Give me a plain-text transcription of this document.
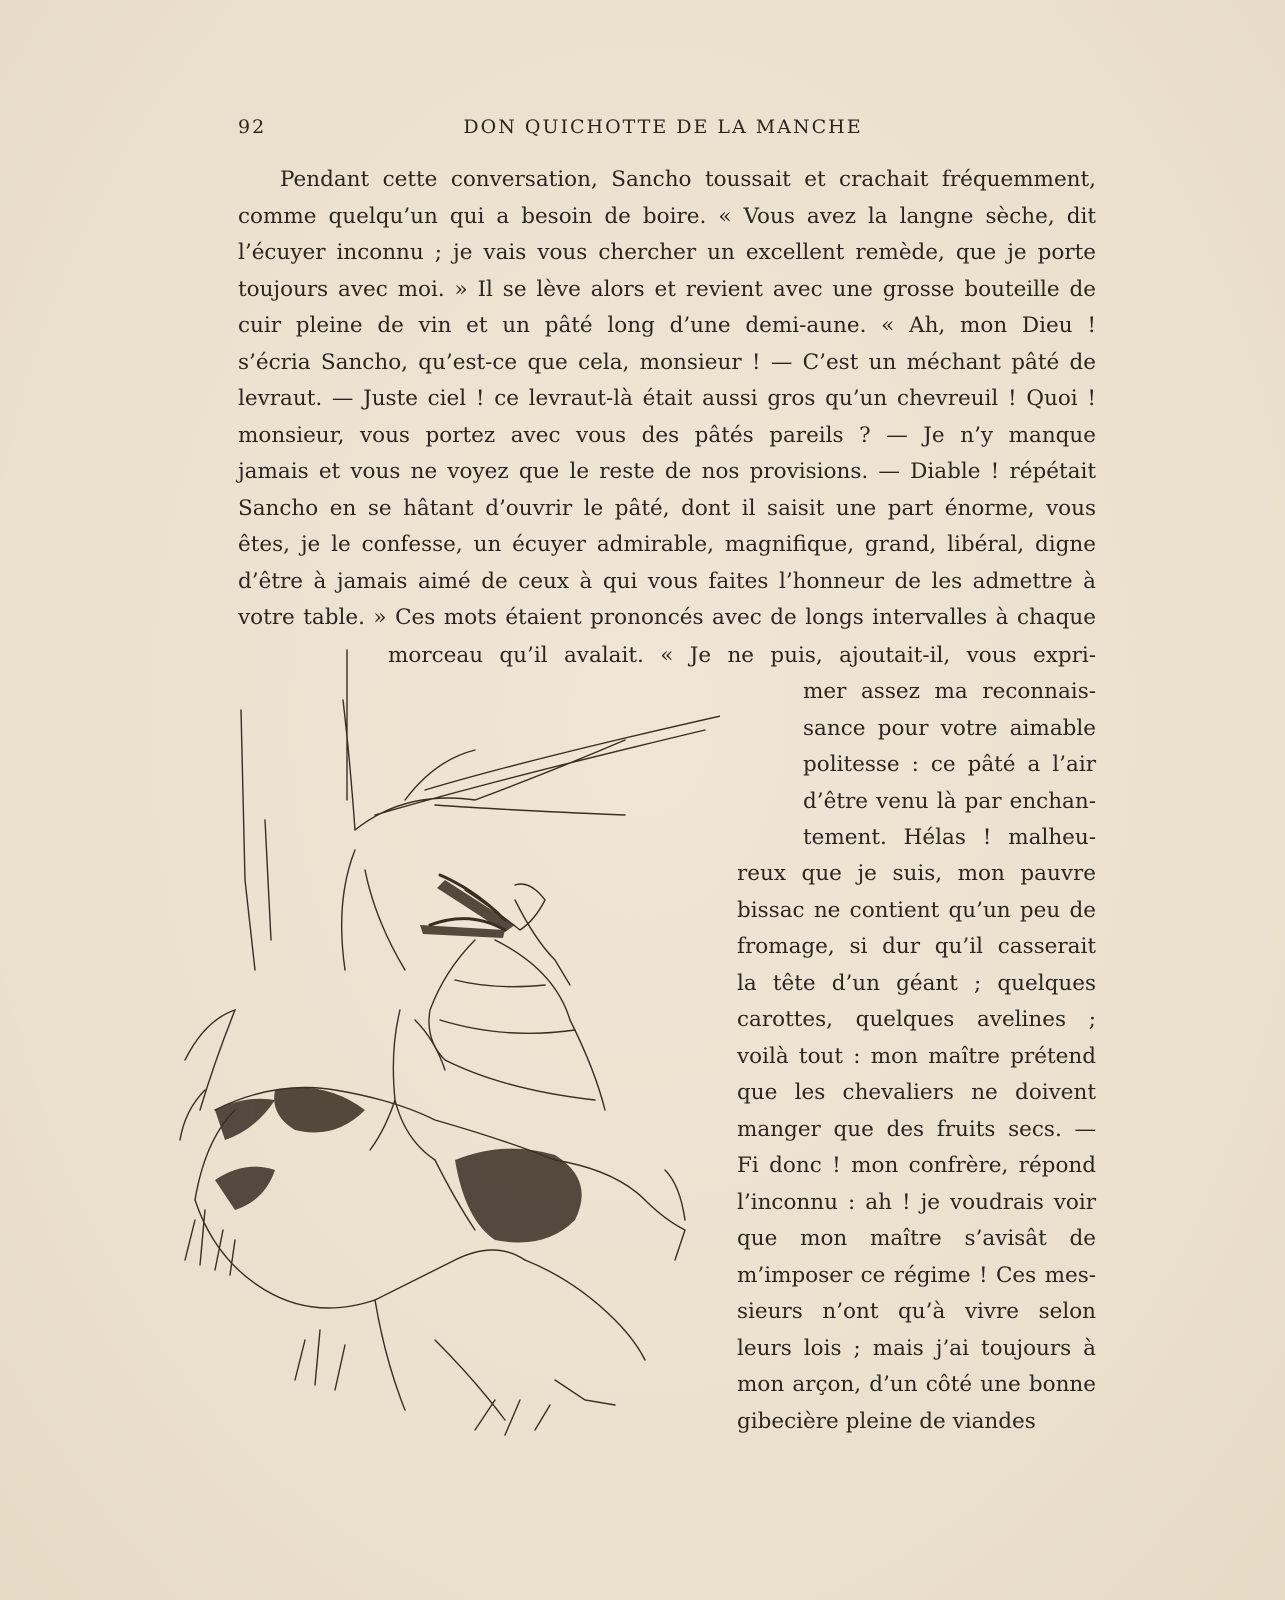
92	DON QUICHOTTE DE LA MANCHE
Pendant cette conversation, Sancho toussait et crachait fréquemment,
comme quelqu’un qui a besoin de boire. « Vous avez la langne sèche, dit
l’écuyer inconnu ; je vais vous chercher un excellent remède, que je porte
toujours avec moi. » Il se lève alors et revient avec une grosse bouteille de
cuir pleine de vin et un pâté long d’une demi-aune. « Ah, mon Dieu !
s’écria Sancho, qu’est-ce que cela, monsieur ! — C’est un méchant pâté de
levraut. — Juste ciel ! ce levraut-là était aussi gros qu’un chevreuil ! Quoi !
monsieur, vous portez avec vous des pâtés pareils ? — Je n’y manque
jamais et vous ne voyez que le reste de nos provisions. — Diable ! répétait
Sancho en se hâtant d’ouvrir le pâté, dont il saisit une part énorme, vous
êtes, je le confesse, un écuyer admirable, magnifique, grand, libéral, digne
d’être à jamais aimé de ceux à qui vous faites l’honneur de les admettre à
votre table. » Ces mots étaient prononcés avec de longs intervalles à chaque
morceau qu’il avalait. « Je ne puis, ajoutait-il, vous expri-
mer assez ma reconnais-
sance pour votre aimable
politesse : ce pâté a l’air
d’être venu là par enchan-
tement. Hélas ! malheu-
reux que je suis, mon pauvre
bissac ne contient qu’un peu de
fromage, si dur qu’il casserait
la tête d’un géant ; quelques
carottes, quelques avelines ;
voilà tout : mon maître prétend
que les chevaliers ne doivent
manger que des fruits secs. —
Fi donc ! mon confrère, répond
l’inconnu : ah ! je voudrais voir
que mon maître s’avisât de
m’imposer ce régime ! Ces mes-
sieurs n’ont qu’à vivre selon
leurs lois ; mais j’ai toujours à
mon arçon, d’un côté une bonne
gibecière pleine de viandes
